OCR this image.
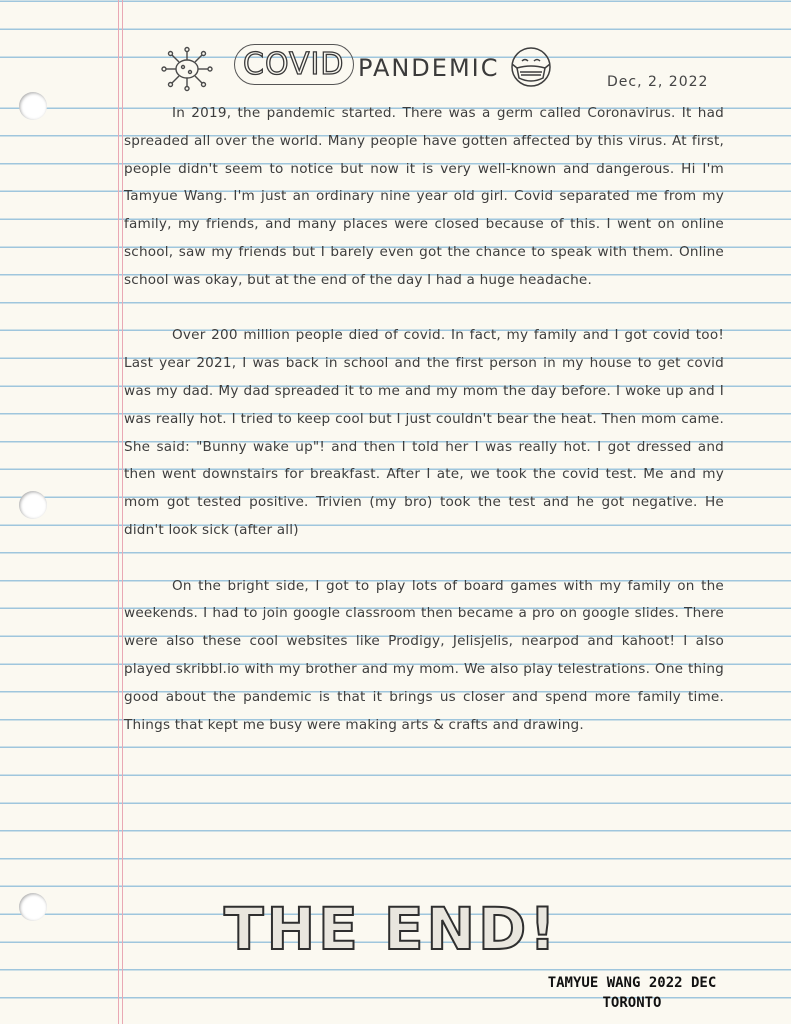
COVID PANDEMIC	Dec, 2, 2022

In 2019, the pandemic started. There was a germ called Coronavirus. It had spreaded all over the world. Many people have gotten affected by this virus. At first, people didn't seem to notice but now it is very well-known and dangerous. Hi I'm Tamyue Wang. I'm just an ordinary nine year old girl. Covid separated me from my family, my friends, and many places were closed because of this. I went on online school, saw my friends but I barely even got the chance to speak with them. Online school was okay, but at the end of the day I had a huge headache.

Over 200 million people died of covid. In fact, my family and I got covid too! Last year 2021, I was back in school and the first person in my house to get covid was my dad. My dad spreaded it to me and my mom the day before. I woke up and I was really hot. I tried to keep cool but I just couldn't bear the heat. Then mom came. She said: "Bunny wake up"! and then I told her I was really hot. I got dressed and then went downstairs for breakfast. After I ate, we took the covid test. Me and my mom got tested positive. Trivien (my bro) took the test and he got negative. He didn't look sick (after all)

On the bright side, I got to play lots of board games with my family on the weekends. I had to join google classroom then became a pro on google slides. There were also these cool websites like Prodigy, Jelisjelis, nearpod and kahoot! I also played skribbl.io with my brother and my mom. We also play telestrations. One thing good about the pandemic is that it brings us closer and spend more family time. Things that kept me busy were making arts & crafts and drawing.

THE END!
TAMYUE WANG 2022 DEC
TORONTO
